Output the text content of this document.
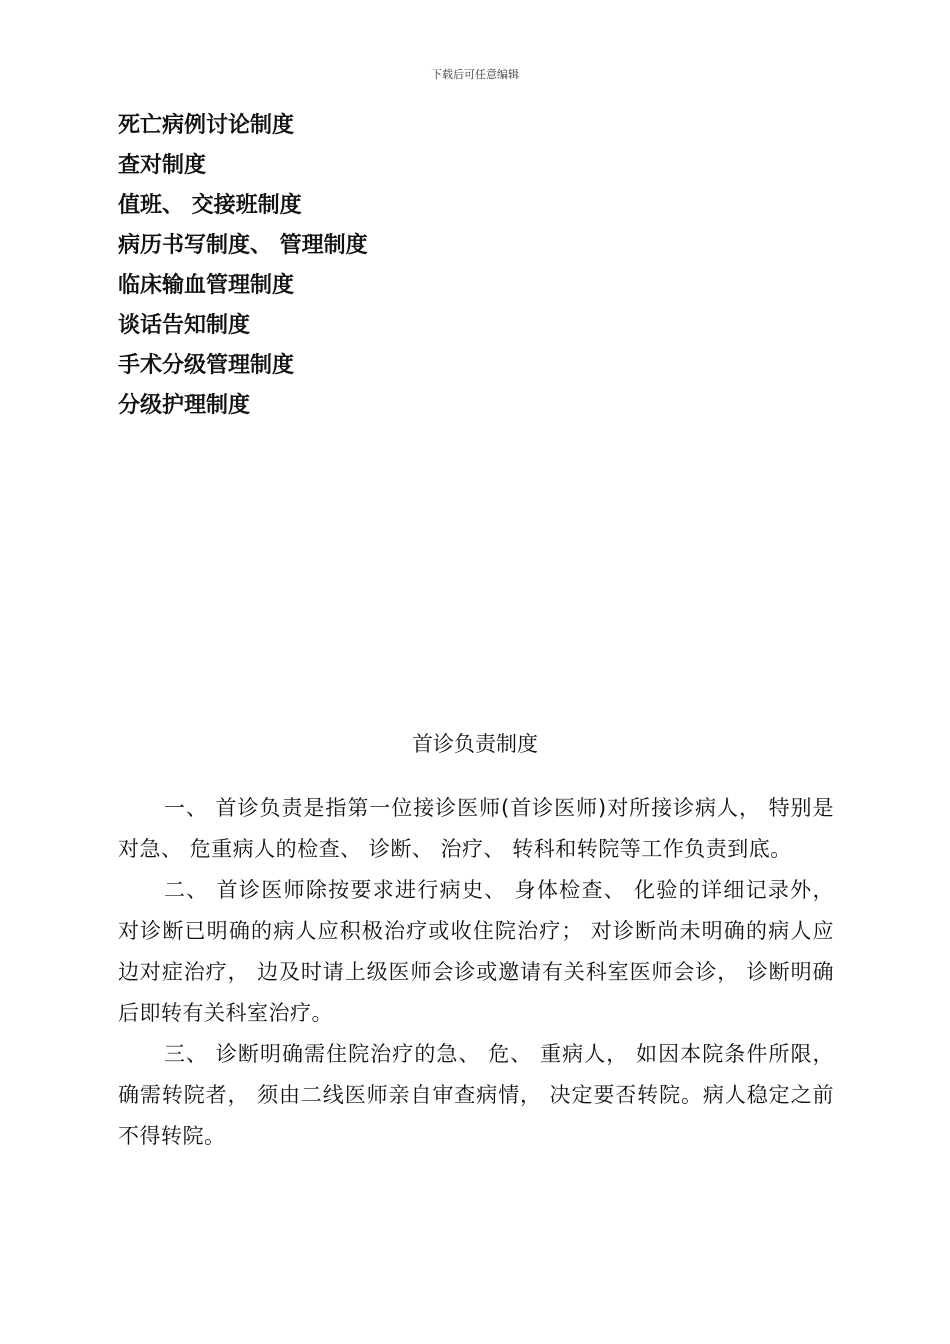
下载后可任意编辑
死亡病例讨论制度
查对制度
值班、 交接班制度
病历书写制度、 管理制度
临床输血管理制度
谈话告知制度
手术分级管理制度
分级护理制度
首诊负责制度

一、 首诊负责是指第一位接诊医师(首诊医师)对所接诊病人， 特别是对急、 危重病人的检查、 诊断、 治疗、 转科和转院等工作负责到底。

二、 首诊医师除按要求进行病史、 身体检查、 化验的详细记录外， 对诊断已明确的病人应积极治疗或收住院治疗； 对诊断尚未明确的病人应边对症治疗， 边及时请上级医师会诊或邀请有关科室医师会诊， 诊断明确后即转有关科室治疗。

三、 诊断明确需住院治疗的急、 危、 重病人， 如因本院条件所限， 确需转院者， 须由二线医师亲自审查病情， 决定要否转院。病人稳定之前不得转院。
